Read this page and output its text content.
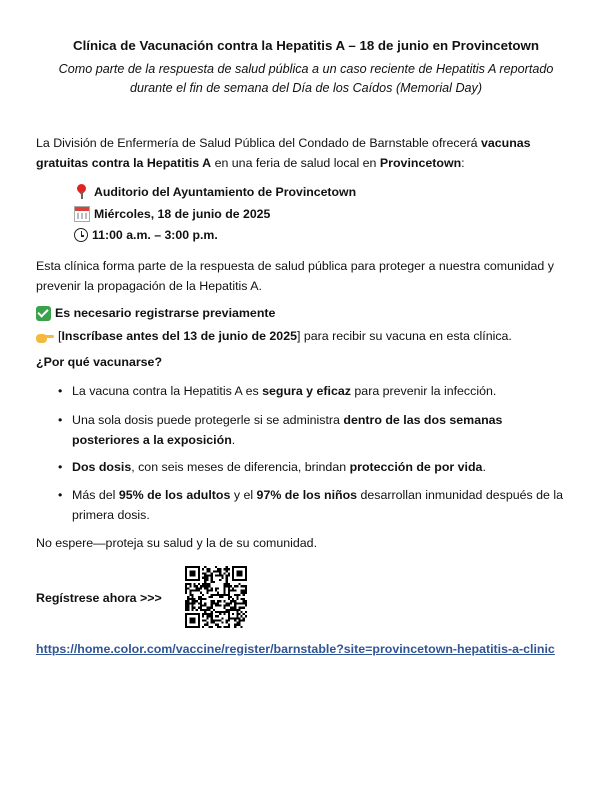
Clínica de Vacunación contra la Hepatitis A – 18 de junio en Provincetown
Como parte de la respuesta de salud pública a un caso reciente de Hepatitis A reportado durante el fin de semana del Día de los Caídos (Memorial Day)
La División de Enfermería de Salud Pública del Condado de Barnstable ofrecerá vacunas gratuitas contra la Hepatitis A en una feria de salud local en Provincetown:
Auditorio del Ayuntamiento de Provincetown
Miércoles, 18 de junio de 2025
11:00 a.m. – 3:00 p.m.
Esta clínica forma parte de la respuesta de salud pública para proteger a nuestra comunidad y prevenir la propagación de la Hepatitis A.
Es necesario registrarse previamente
[Inscríbase antes del 13 de junio de 2025] para recibir su vacuna en esta clínica.
¿Por qué vacunarse?
• La vacuna contra la Hepatitis A es segura y eficaz para prevenir la infección.
• Una sola dosis puede protegerle si se administra dentro de las dos semanas posteriores a la exposición.
• Dos dosis, con seis meses de diferencia, brindan protección de por vida.
• Más del 95% de los adultos y el 97% de los niños desarrollan inmunidad después de la primera dosis.
No espere—proteja su salud y la de su comunidad.
Regístrese ahora >>>
https://home.color.com/vaccine/register/barnstable?site=provincetown-hepatitis-a-clinic
